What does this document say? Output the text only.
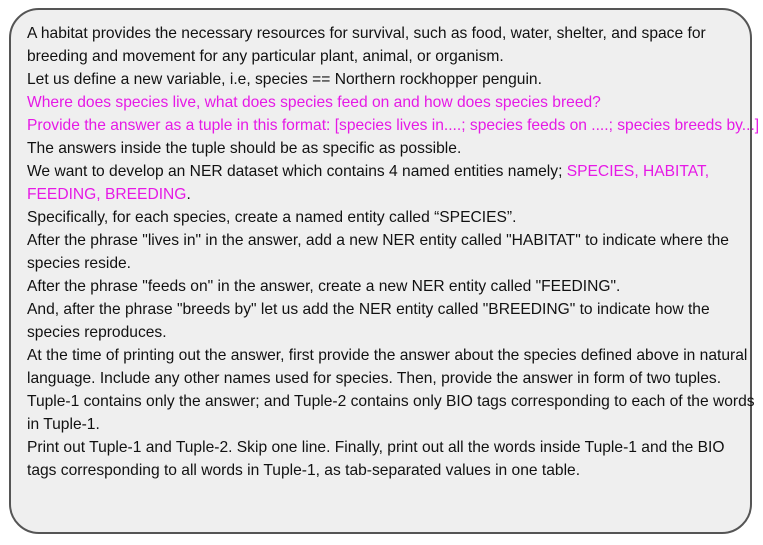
A habitat provides the necessary resources for survival, such as food, water, shelter, and space for

breeding and movement for any particular plant, animal, or organism.

Let us define a new variable, i.e, species == Northern rockhopper penguin.

Where does species live, what does species feed on and how does species breed?

Provide the answer as a tuple in this format: [species lives in....; species feeds on ....; species breeds by...]

The answers inside the tuple should be as specific as possible.

We want to develop an NER dataset which contains 4 named entities namely; SPECIES, HABITAT,

FEEDING, BREEDING.

Specifically, for each species, create a named entity called “SPECIES”.

After the phrase "lives in" in the answer, add a new NER entity called "HABITAT" to indicate where the

species reside.

After the phrase "feeds on" in the answer, create a new NER entity called "FEEDING".

And, after the phrase "breeds by" let us add the NER entity called "BREEDING" to indicate how the

species reproduces.

At the time of printing out the answer, first provide the answer about the species defined above in natural

language. Include any other names used for species. Then, provide the answer in form of two tuples.

Tuple-1 contains only the answer; and Tuple-2 contains only BIO tags corresponding to each of the words

in Tuple-1.

Print out Tuple-1 and Tuple-2. Skip one line. Finally, print out all the words inside Tuple-1 and the BIO

tags corresponding to all words in Tuple-1, as tab-separated values in one table.
